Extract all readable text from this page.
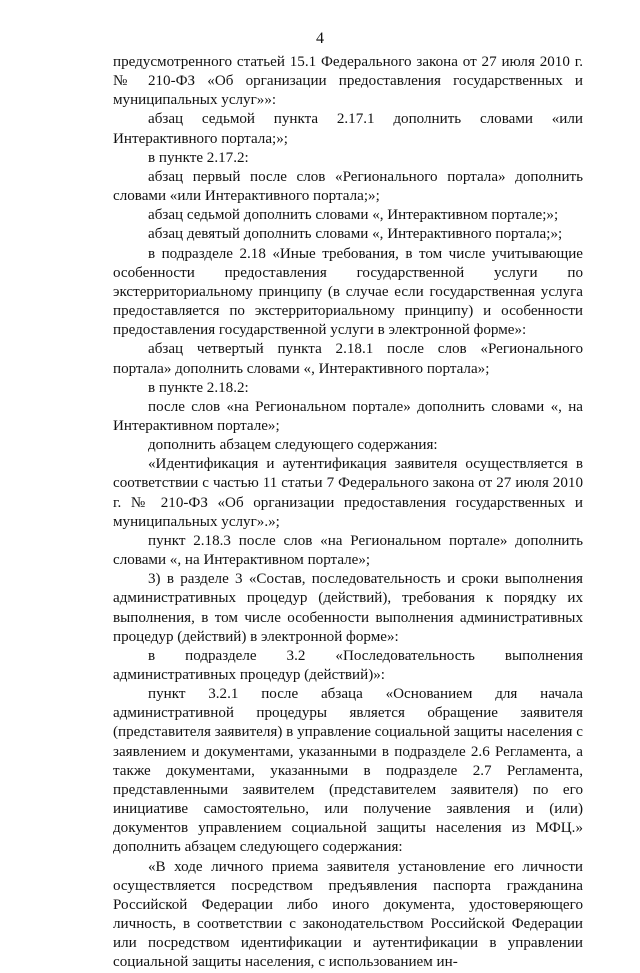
4

предусмотренного статьей 15.1 Федерального закона от 27 июля 2010 г. № 210-ФЗ «Об организации предоставления государственных и муниципальных услуг»»:

абзац седьмой пункта 2.17.1 дополнить словами «или Интерактивного портала;»;

в пункте 2.17.2:

абзац первый после слов «Регионального портала» дополнить словами «или Интерактивного портала;»;

абзац седьмой дополнить словами «, Интерактивном портале;»;

абзац девятый дополнить словами «, Интерактивного портала;»;

в подразделе 2.18 «Иные требования, в том числе учитывающие особенности предоставления государственной услуги по экстерриториальному принципу (в случае если государственная услуга предоставляется по экстерриториальному принципу) и особенности предоставления государственной услуги в электронной форме»:

абзац четвертый пункта 2.18.1 после слов «Регионального портала» дополнить словами «, Интерактивного портала»;

в пункте 2.18.2:

после слов «на Региональном портале» дополнить словами «, на Интерактивном портале»;

дополнить абзацем следующего содержания:

«Идентификация и аутентификация заявителя осуществляется в соответствии с частью 11 статьи 7 Федерального закона от 27 июля 2010 г. № 210-ФЗ «Об организации предоставления государственных и муниципальных услуг».»;

пункт 2.18.3 после слов «на Региональном портале» дополнить словами «, на Интерактивном портале»;

3) в разделе 3 «Состав, последовательность и сроки выполнения административных процедур (действий), требования к порядку их выполнения, в том числе особенности выполнения административных процедур (действий) в электронной форме»:

в подразделе 3.2 «Последовательность выполнения административных процедур (действий)»:

пункт 3.2.1 после абзаца «Основанием для начала административной процедуры является обращение заявителя (представителя заявителя) в управление социальной защиты населения с заявлением и документами, указанными в подразделе 2.6 Регламента, а также документами, указанными в подразделе 2.7 Регламента, представленными заявителем (представителем заявителя) по его инициативе самостоятельно, или получение заявления и (или) документов управлением социальной защиты населения из МФЦ.» дополнить абзацем следующего содержания:

«В ходе личного приема заявителя установление его личности осуществляется посредством предъявления паспорта гражданина Российской Федерации либо иного документа, удостоверяющего личность, в соответствии с законодательством Российской Федерации или посредством идентификации и аутентификации в управлении социальной защиты населения, с использованием ин-
